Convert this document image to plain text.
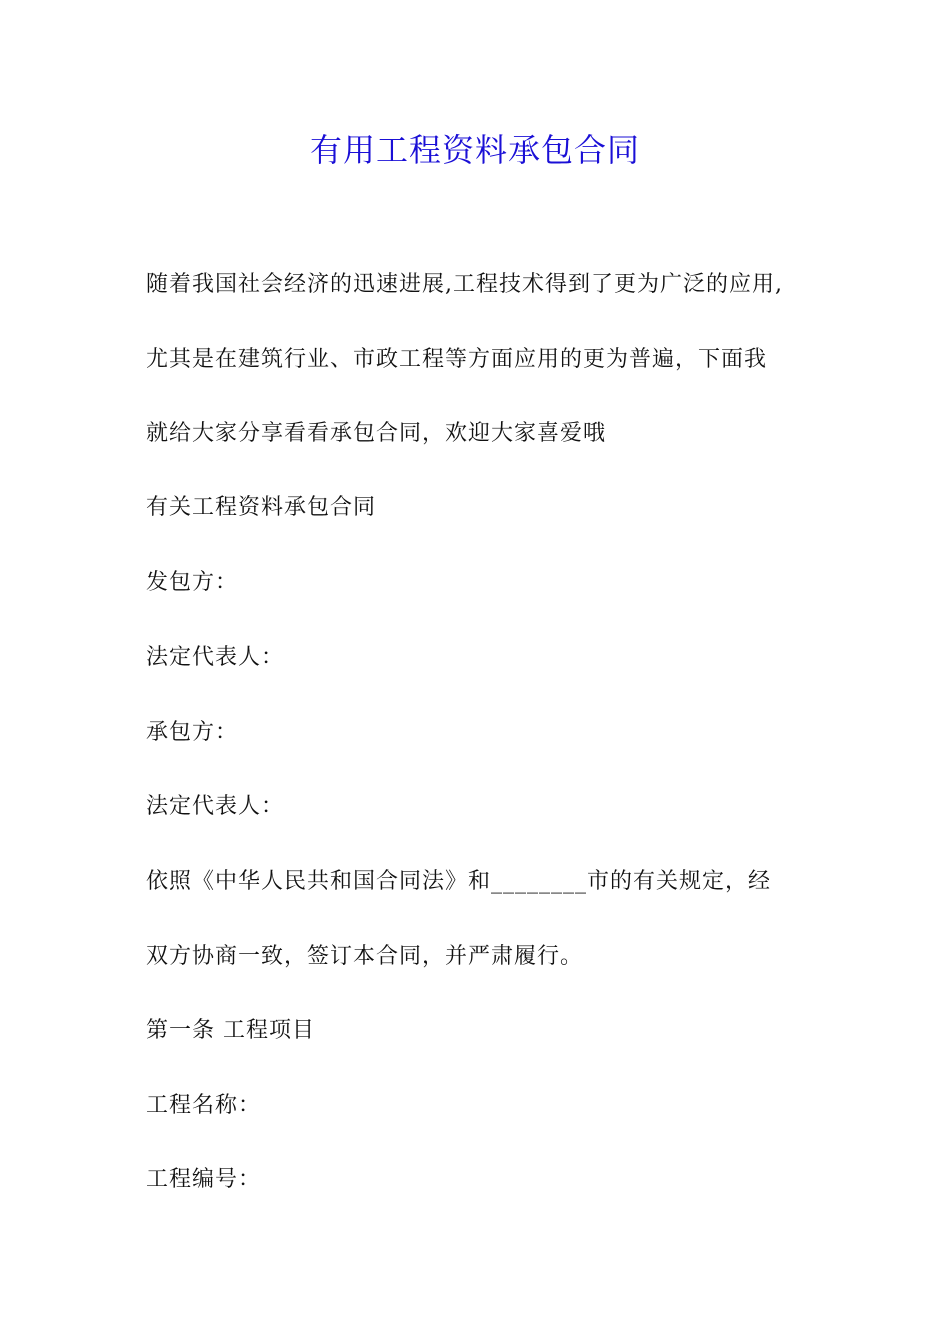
有用工程资料承包合同
随着我国社会经济的迅速进展,工程技术得到了更为广泛的应用,
尤其是在建筑行业、市政工程等方面应用的更为普遍，下面我
就给大家分享看看承包合同，欢迎大家喜爱哦
有关工程资料承包合同
发包方：
法定代表人：
承包方：
法定代表人：
依照《中华人民共和国合同法》和________市的有关规定，经
双方协商一致，签订本合同，并严肃履行。
第一条 工程项目
工程名称：
工程编号：
